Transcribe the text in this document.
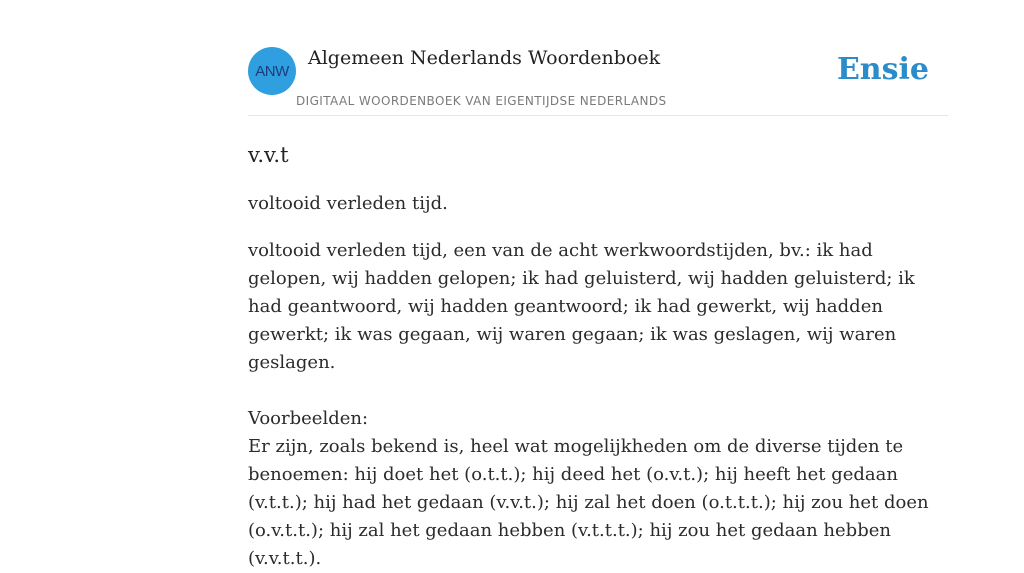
ANW
Algemeen Nederlands Woordenboek
DIGITAAL WOORDENBOEK VAN EIGENTIJDSE NEDERLANDS
Ensie
v.v.t

voltooid verleden tijd.

voltooid verleden tijd, een van de acht werkwoordstijden, bv.: ik had gelopen, wij hadden gelopen; ik had geluisterd, wij hadden geluisterd; ik had geantwoord, wij hadden geantwoord; ik had gewerkt, wij hadden gewerkt; ik was gegaan, wij waren gegaan; ik was geslagen, wij waren geslagen.

Voorbeelden:
Er zijn, zoals bekend is, heel wat mogelijkheden om de diverse tijden te benoemen: hij doet het (o.t.t.); hij deed het (o.v.t.); hij heeft het gedaan (v.t.t.); hij had het gedaan (v.v.t.); hij zal het doen (o.t.t.t.); hij zou het doen (o.v.t.t.); hij zal het gedaan hebben (v.t.t.t.); hij zou het gedaan hebben (v.v.t.t.).
